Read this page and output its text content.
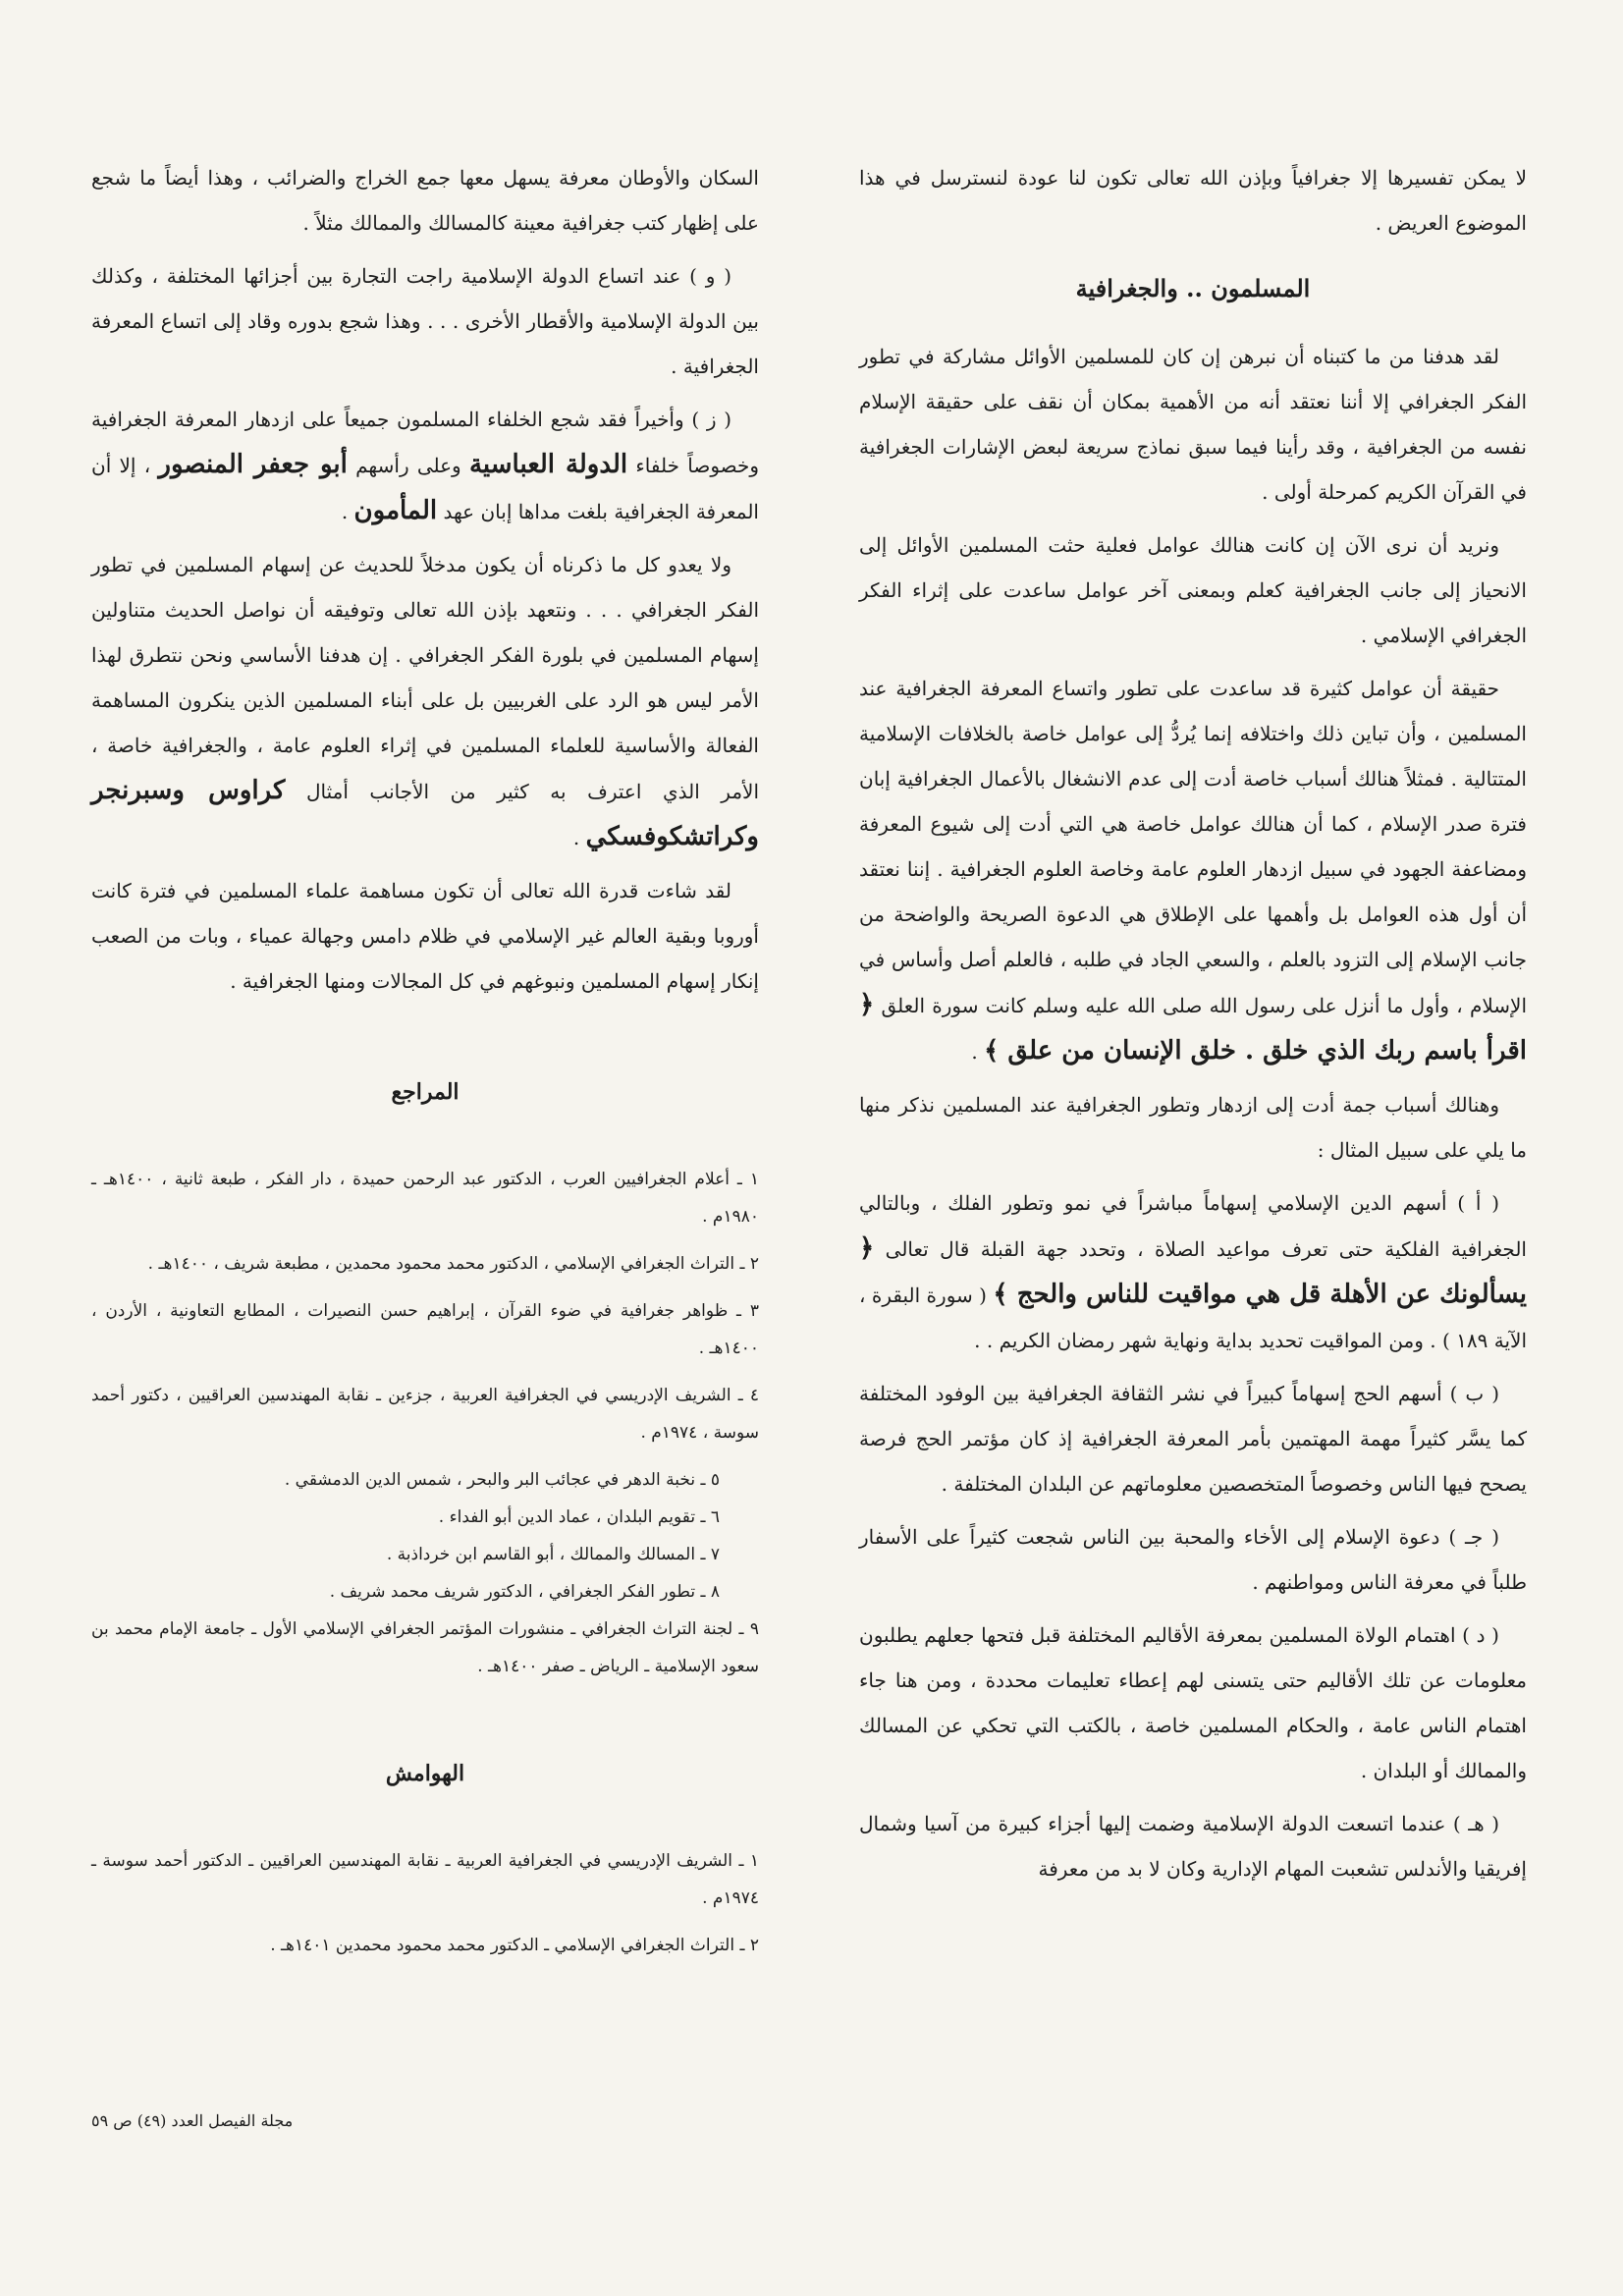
لا يمكن تفسيرها إلا جغرافياً وبإذن الله تعالى تكون لنا عودة لنسترسل في هذا الموضوع العريض .

المسلمون .. والجغرافية

لقد هدفنا من ما كتبناه أن نبرهن إن كان للمسلمين الأوائل مشاركة في تطور الفكر الجغرافي إلا أننا نعتقد أنه من الأهمية بمكان أن نقف على حقيقة الإسلام نفسه من الجغرافية ، وقد رأينا فيما سبق نماذج سريعة لبعض الإشارات الجغرافية في القرآن الكريم كمرحلة أولى .

ونريد أن نرى الآن إن كانت هنالك عوامل فعلية حثت المسلمين الأوائل إلى الانحياز إلى جانب الجغرافية كعلم وبمعنى آخر عوامل ساعدت على إثراء الفكر الجغرافي الإسلامي .

حقيقة أن عوامل كثيرة قد ساعدت على تطور واتساع المعرفة الجغرافية عند المسلمين ، وأن تباين ذلك واختلافه إنما يُردُّ إلى عوامل خاصة بالخلافات الإسلامية المتتالية . فمثلاً هنالك أسباب خاصة أدت إلى عدم الانشغال بالأعمال الجغرافية إبان فترة صدر الإسلام ، كما أن هنالك عوامل خاصة هي التي أدت إلى شيوع المعرفة ومضاعفة الجهود في سبيل ازدهار العلوم عامة وخاصة العلوم الجغرافية . إننا نعتقد أن أول هذه العوامل بل وأهمها على الإطلاق هي الدعوة الصريحة والواضحة من جانب الإسلام إلى التزود بالعلم ، والسعي الجاد في طلبه ، فالعلم أصل وأساس في الإسلام ، وأول ما أنزل على رسول الله صلى الله عليه وسلم كانت سورة العلق ﴿ اقرأ باسم ربك الذي خلق . خلق الإنسان من علق ﴾ .

وهنالك أسباب جمة أدت إلى ازدهار وتطور الجغرافية عند المسلمين نذكر منها ما يلي على سبيل المثال :

( أ ) أسهم الدين الإسلامي إسهاماً مباشراً في نمو وتطور الفلك ، وبالتالي الجغرافية الفلكية حتى تعرف مواعيد الصلاة ، وتحدد جهة القبلة قال تعالى ﴿ يسألونك عن الأهلة قل هي مواقيت للناس والحج ﴾ ( سورة البقرة ، الآية ١٨٩ ) . ومن المواقيت تحديد بداية ونهاية شهر رمضان الكريم . .

( ب ) أسهم الحج إسهاماً كبيراً في نشر الثقافة الجغرافية بين الوفود المختلفة كما يسَّر كثيراً مهمة المهتمين بأمر المعرفة الجغرافية إذ كان مؤتمر الحج فرصة يصحح فيها الناس وخصوصاً المتخصصين معلوماتهم عن البلدان المختلفة .

( جـ ) دعوة الإسلام إلى الأخاء والمحبة بين الناس شجعت كثيراً على الأسفار طلباً في معرفة الناس ومواطنهم .

( د ) اهتمام الولاة المسلمين بمعرفة الأقاليم المختلفة قبل فتحها جعلهم يطلبون معلومات عن تلك الأقاليم حتى يتسنى لهم إعطاء تعليمات محددة ، ومن هنا جاء اهتمام الناس عامة ، والحكام المسلمين خاصة ، بالكتب التي تحكي عن المسالك والممالك أو البلدان .

( هـ ) عندما اتسعت الدولة الإسلامية وضمت إليها أجزاء كبيرة من آسيا وشمال إفريقيا والأندلس تشعبت المهام الإدارية وكان لا بد من معرفة

السكان والأوطان معرفة يسهل معها جمع الخراج والضرائب ، وهذا أيضاً ما شجع على إظهار كتب جغرافية معينة كالمسالك والممالك مثلاً .

( و ) عند اتساع الدولة الإسلامية راجت التجارة بين أجزائها المختلفة ، وكذلك بين الدولة الإسلامية والأقطار الأخرى . . . وهذا شجع بدوره وقاد إلى اتساع المعرفة الجغرافية .

( ز ) وأخيراً فقد شجع الخلفاء المسلمون جميعاً على ازدهار المعرفة الجغرافية وخصوصاً خلفاء الدولة العباسية وعلى رأسهم أبو جعفر المنصور ، إلا أن المعرفة الجغرافية بلغت مداها إبان عهد المأمون .

ولا يعدو كل ما ذكرناه أن يكون مدخلاً للحديث عن إسهام المسلمين في تطور الفكر الجغرافي . . . ونتعهد بإذن الله تعالى وتوفيقه أن نواصل الحديث متناولين إسهام المسلمين في بلورة الفكر الجغرافي . إن هدفنا الأساسي ونحن نتطرق لهذا الأمر ليس هو الرد على الغربيين بل على أبناء المسلمين الذين ينكرون المساهمة الفعالة والأساسية للعلماء المسلمين في إثراء العلوم عامة ، والجغرافية خاصة ، الأمر الذي اعترف به كثير من الأجانب أمثال كراوس وسبرنجر وكراتشكوفسكي .

لقد شاءت قدرة الله تعالى أن تكون مساهمة علماء المسلمين في فترة كانت أوروبا وبقية العالم غير الإسلامي في ظلام دامس وجهالة عمياء ، وبات من الصعب إنكار إسهام المسلمين ونبوغهم في كل المجالات ومنها الجغرافية .

المراجع
١ ـ أعلام الجغرافيين العرب ، الدكتور عبد الرحمن حميدة ، دار الفكر ، طبعة ثانية ، ١٤٠٠هـ ـ ١٩٨٠م .
٢ ـ التراث الجغرافي الإسلامي ، الدكتور محمد محمود محمدين ، مطبعة شريف ، ١٤٠٠هـ .
٣ ـ ظواهر جغرافية في ضوء القرآن ، إبراهيم حسن النصيرات ، المطابع التعاونية ، الأردن ، ١٤٠٠هـ .
٤ ـ الشريف الإدريسي في الجغرافية العربية ، جزءين ـ نقابة المهندسين العراقيين ، دكتور أحمد سوسة ، ١٩٧٤م .
٥ ـ نخبة الدهر في عجائب البر والبحر ، شمس الدين الدمشقي .
٦ ـ تقويم البلدان ، عماد الدين أبو الفداء .
٧ ـ المسالك والممالك ، أبو القاسم ابن خرداذبة .
٨ ـ تطور الفكر الجغرافي ، الدكتور شريف محمد شريف .
٩ ـ لجنة التراث الجغرافي ـ منشورات المؤتمر الجغرافي الإسلامي الأول ـ جامعة الإمام محمد بن سعود الإسلامية ـ الرياض ـ صفر ١٤٠٠هـ .
الهوامش
١ ـ الشريف الإدريسي في الجغرافية العربية ـ نقابة المهندسين العراقيين ـ الدكتور أحمد سوسة ـ ١٩٧٤م .
٢ ـ التراث الجغرافي الإسلامي ـ الدكتور محمد محمود محمدين ١٤٠١هـ .
مجلة الفيصل العدد (٤٩) ص ٥٩
